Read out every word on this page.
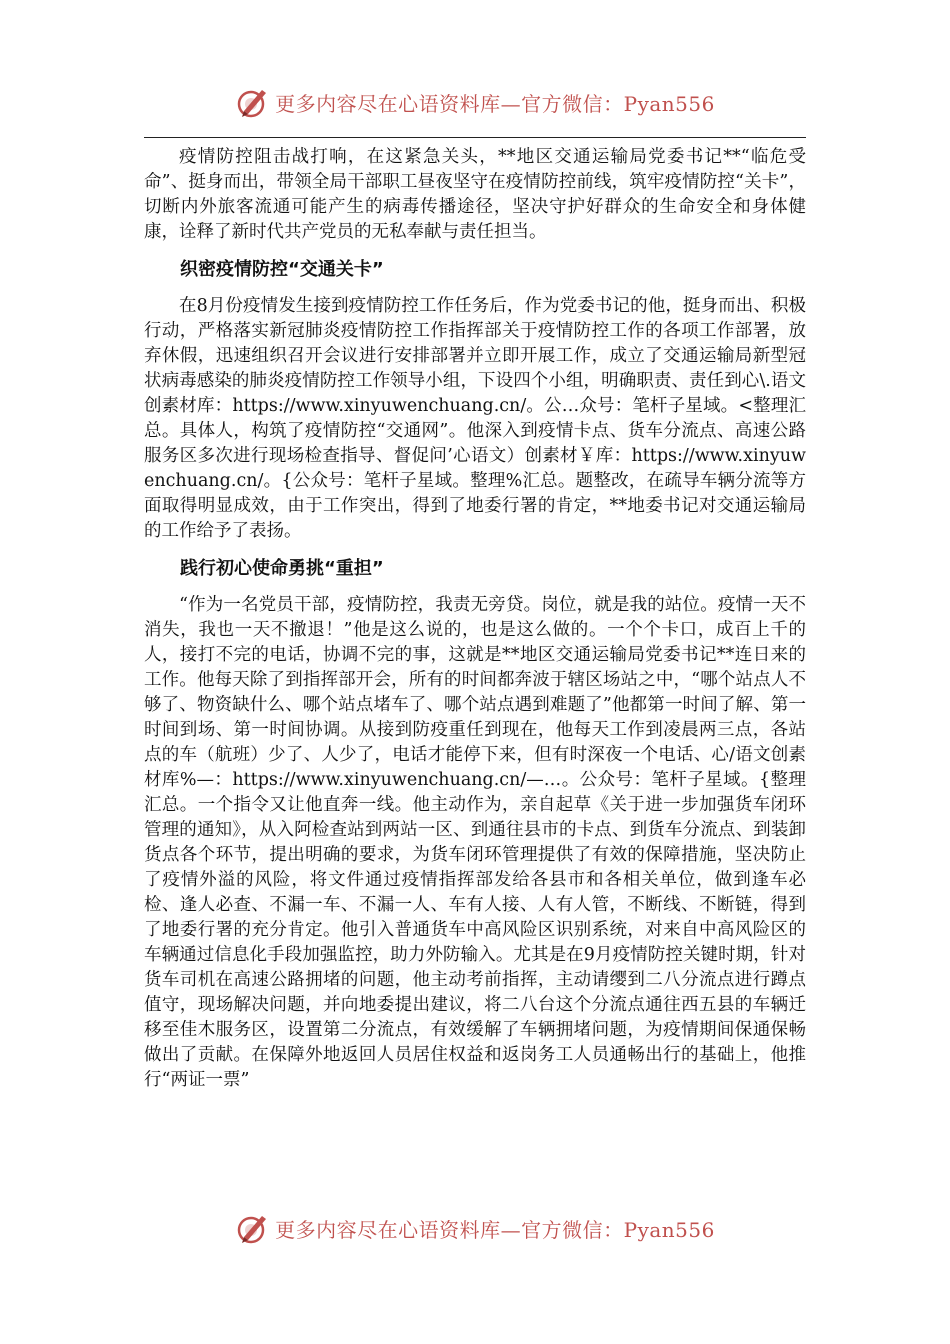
更多内容尽在心语资料库—官方微信：Pyan556

疫情防控阻击战打响，在这紧急关头，**地区交通运输局党委书记**“临危受命”、挺身而出，带领全局干部职工昼夜坚守在疫情防控前线，筑牢疫情防控“关卡”，切断内外旅客流通可能产生的病毒传播途径，坚决守护好群众的生命安全和身体健康，诠释了新时代共产党员的无私奉献与责任担当。

织密疫情防控“交通关卡”

在8月份疫情发生接到疫情防控工作任务后，作为党委书记的他，挺身而出、积极行动，严格落实新冠肺炎疫情防控工作指挥部关于疫情防控工作的各项工作部署，放弃休假，迅速组织召开会议进行安排部署并立即开展工作，成立了交通运输局新型冠状病毒感染的肺炎疫情防控工作领导小组，下设四个小组，明确职责、责任到心\.语文创素材库：https://www.xinyuwenchuang.cn/。公…众号：笔杆子星域。<整理汇总。具体人，构筑了疫情防控“交通网”。他深入到疫情卡点、货车分流点、高速公路服务区多次进行现场检查指导、督促问’心语文）创素材￥库：https://www.xinyuwenchuang.cn/。{公众号：笔杆子星域。整理%汇总。题整改，在疏导车辆分流等方面取得明显成效，由于工作突出，得到了地委行署的肯定，**地委书记对交通运输局的工作给予了表扬。

践行初心使命勇挑“重担”

“作为一名党员干部，疫情防控，我责无旁贷。岗位，就是我的站位。疫情一天不消失，我也一天不撤退！”他是这么说的，也是这么做的。一个个卡口，成百上千的人，接打不完的电话，协调不完的事，这就是**地区交通运输局党委书记**连日来的工作。他每天除了到指挥部开会，所有的时间都奔波于辖区场站之中，“哪个站点人不够了、物资缺什么、哪个站点堵车了、哪个站点遇到难题了”他都第一时间了解、第一时间到场、第一时间协调。从接到防疫重任到现在，他每天工作到凌晨两三点，各站点的车（航班）少了、人少了，电话才能停下来，但有时深夜一个电话、心/语文创素材库%—：https://www.xinyuwenchuang.cn/—…。公众号：笔杆子星域。{整理汇总。一个指令又让他直奔一线。他主动作为，亲自起草《关于进一步加强货车闭环管理的通知》，从入阿检查站到两站一区、到通往县市的卡点、到货车分流点、到装卸货点各个环节，提出明确的要求，为货车闭环管理提供了有效的保障措施，坚决防止了疫情外溢的风险，将文件通过疫情指挥部发给各县市和各相关单位，做到逢车必检、逢人必查、不漏一车、不漏一人、车有人接、人有人管，不断线、不断链，得到了地委行署的充分肯定。他引入普通货车中高风险区识别系统，对来自中高风险区的车辆通过信息化手段加强监控，助力外防输入。尤其是在9月疫情防控关键时期，针对货车司机在高速公路拥堵的问题，他主动考前指挥，主动请缨到二八分流点进行蹲点值守，现场解决问题，并向地委提出建议，将二八台这个分流点通往西五县的车辆迁移至佳木服务区，设置第二分流点，有效缓解了车辆拥堵问题，为疫情期间保通保畅做出了贡献。在保障外地返回人员居住权益和返岗务工人员通畅出行的基础上，他推行“两证一票”

更多内容尽在心语资料库—官方微信：Pyan556
